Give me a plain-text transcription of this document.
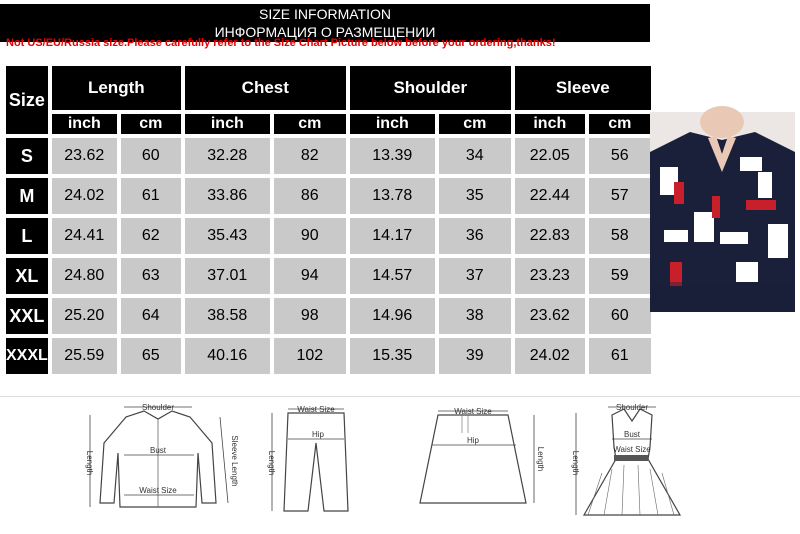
SIZE INFORMATION
ИНФОРМАЦИЯ О РАЗМЕЩЕНИИ
Not US/EU/Russia size.Please carefully refer to the Size Chart Picture below before your ordering,thanks!
Size	Length		Chest		Shoulder		Sleeve	
	inch	cm	inch	cm	inch	cm	inch	cm
S	23.62	60	32.28	82	13.39	34	22.05	56
M	24.02	61	33.86	86	13.78	35	22.44	57
L	24.41	62	35.43	90	14.17	36	22.83	58
XL	24.80	63	37.01	94	14.57	37	23.23	59
XXL	25.20	64	38.58	98	14.96	38	23.62	60
XXXL	25.59	65	40.16	102	15.35	39	24.02	61
Shoulder
Bust
Waist Size
Length	Sleeve Length
Waist Size
Hip
Length
Waist Size
Hip
Length
Shoulder
Bust
Waist Size
Length
